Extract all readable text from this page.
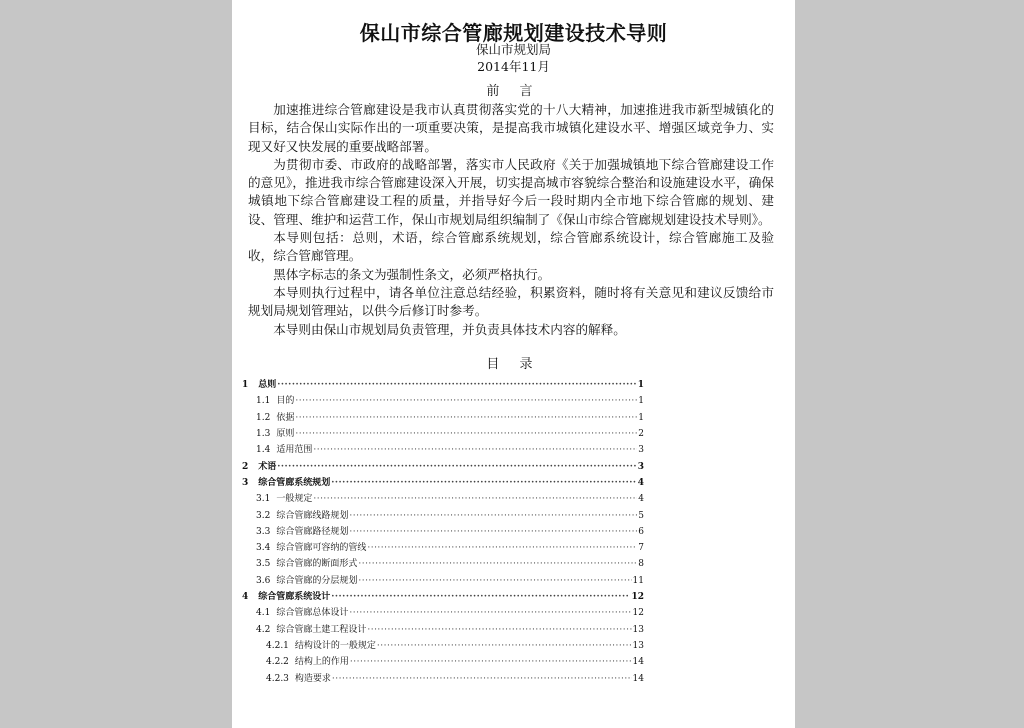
保山市综合管廊规划建设技术导则
保山市规划局
2014年11月
前 言

加速推进综合管廊建设是我市认真贯彻落实党的十八大精神，加速推进我市新型城镇化的目标，结合保山实际作出的一项重要决策，是提高我市城镇化建设水平、增强区域竞争力、实现又好又快发展的重要战略部署。

为贯彻市委、市政府的战略部署，落实市人民政府《关于加强城镇地下综合管廊建设工作的意见》，推进我市综合管廊建设深入开展，切实提高城市容貌综合整治和设施建设水平，确保城镇地下综合管廊建设工程的质量，并指导好今后一段时期内全市地下综合管廊的规划、建设、管理、维护和运营工作，保山市规划局组织编制了《保山市综合管廊规划建设技术导则》。

本导则包括：总则，术语，综合管廊系统规划，综合管廊系统设计，综合管廊施工及验收，综合管廊管理。

黑体字标志的条文为强制性条文，必须严格执行。

本导则执行过程中，请各单位注意总结经验，积累资料，随时将有关意见和建议反馈给市规划局规划管理站，以供今后修订时参考。

本导则由保山市规划局负责管理，并负责具体技术内容的解释。

目 录
1 总则 ·····	1
1.1 目的 ·····	1
1.2 依据 ·····	1
1.3 原则 ·····	2
1.4 适用范围 ·····	3
2 术语 ·····	3
3 综合管廊系统规划 ·····	4
3.1 一般规定 ·····	4
3.2 综合管廊线路规划 ·····	5
3.3 综合管廊路径规划 ·····	6
3.4 综合管廊可容纳的管线 ·····	7
3.5 综合管廊的断面形式 ·····	8
3.6 综合管廊的分层规划 ·····	11
4 综合管廊系统设计 ·····	12
4.1 综合管廊总体设计 ·····	12
4.2 综合管廊土建工程设计 ·····	13
4.2.1 结构设计的一般规定 ·····	13
4.2.2 结构上的作用 ·····	14
4.2.3 构造要求 ·····	14
